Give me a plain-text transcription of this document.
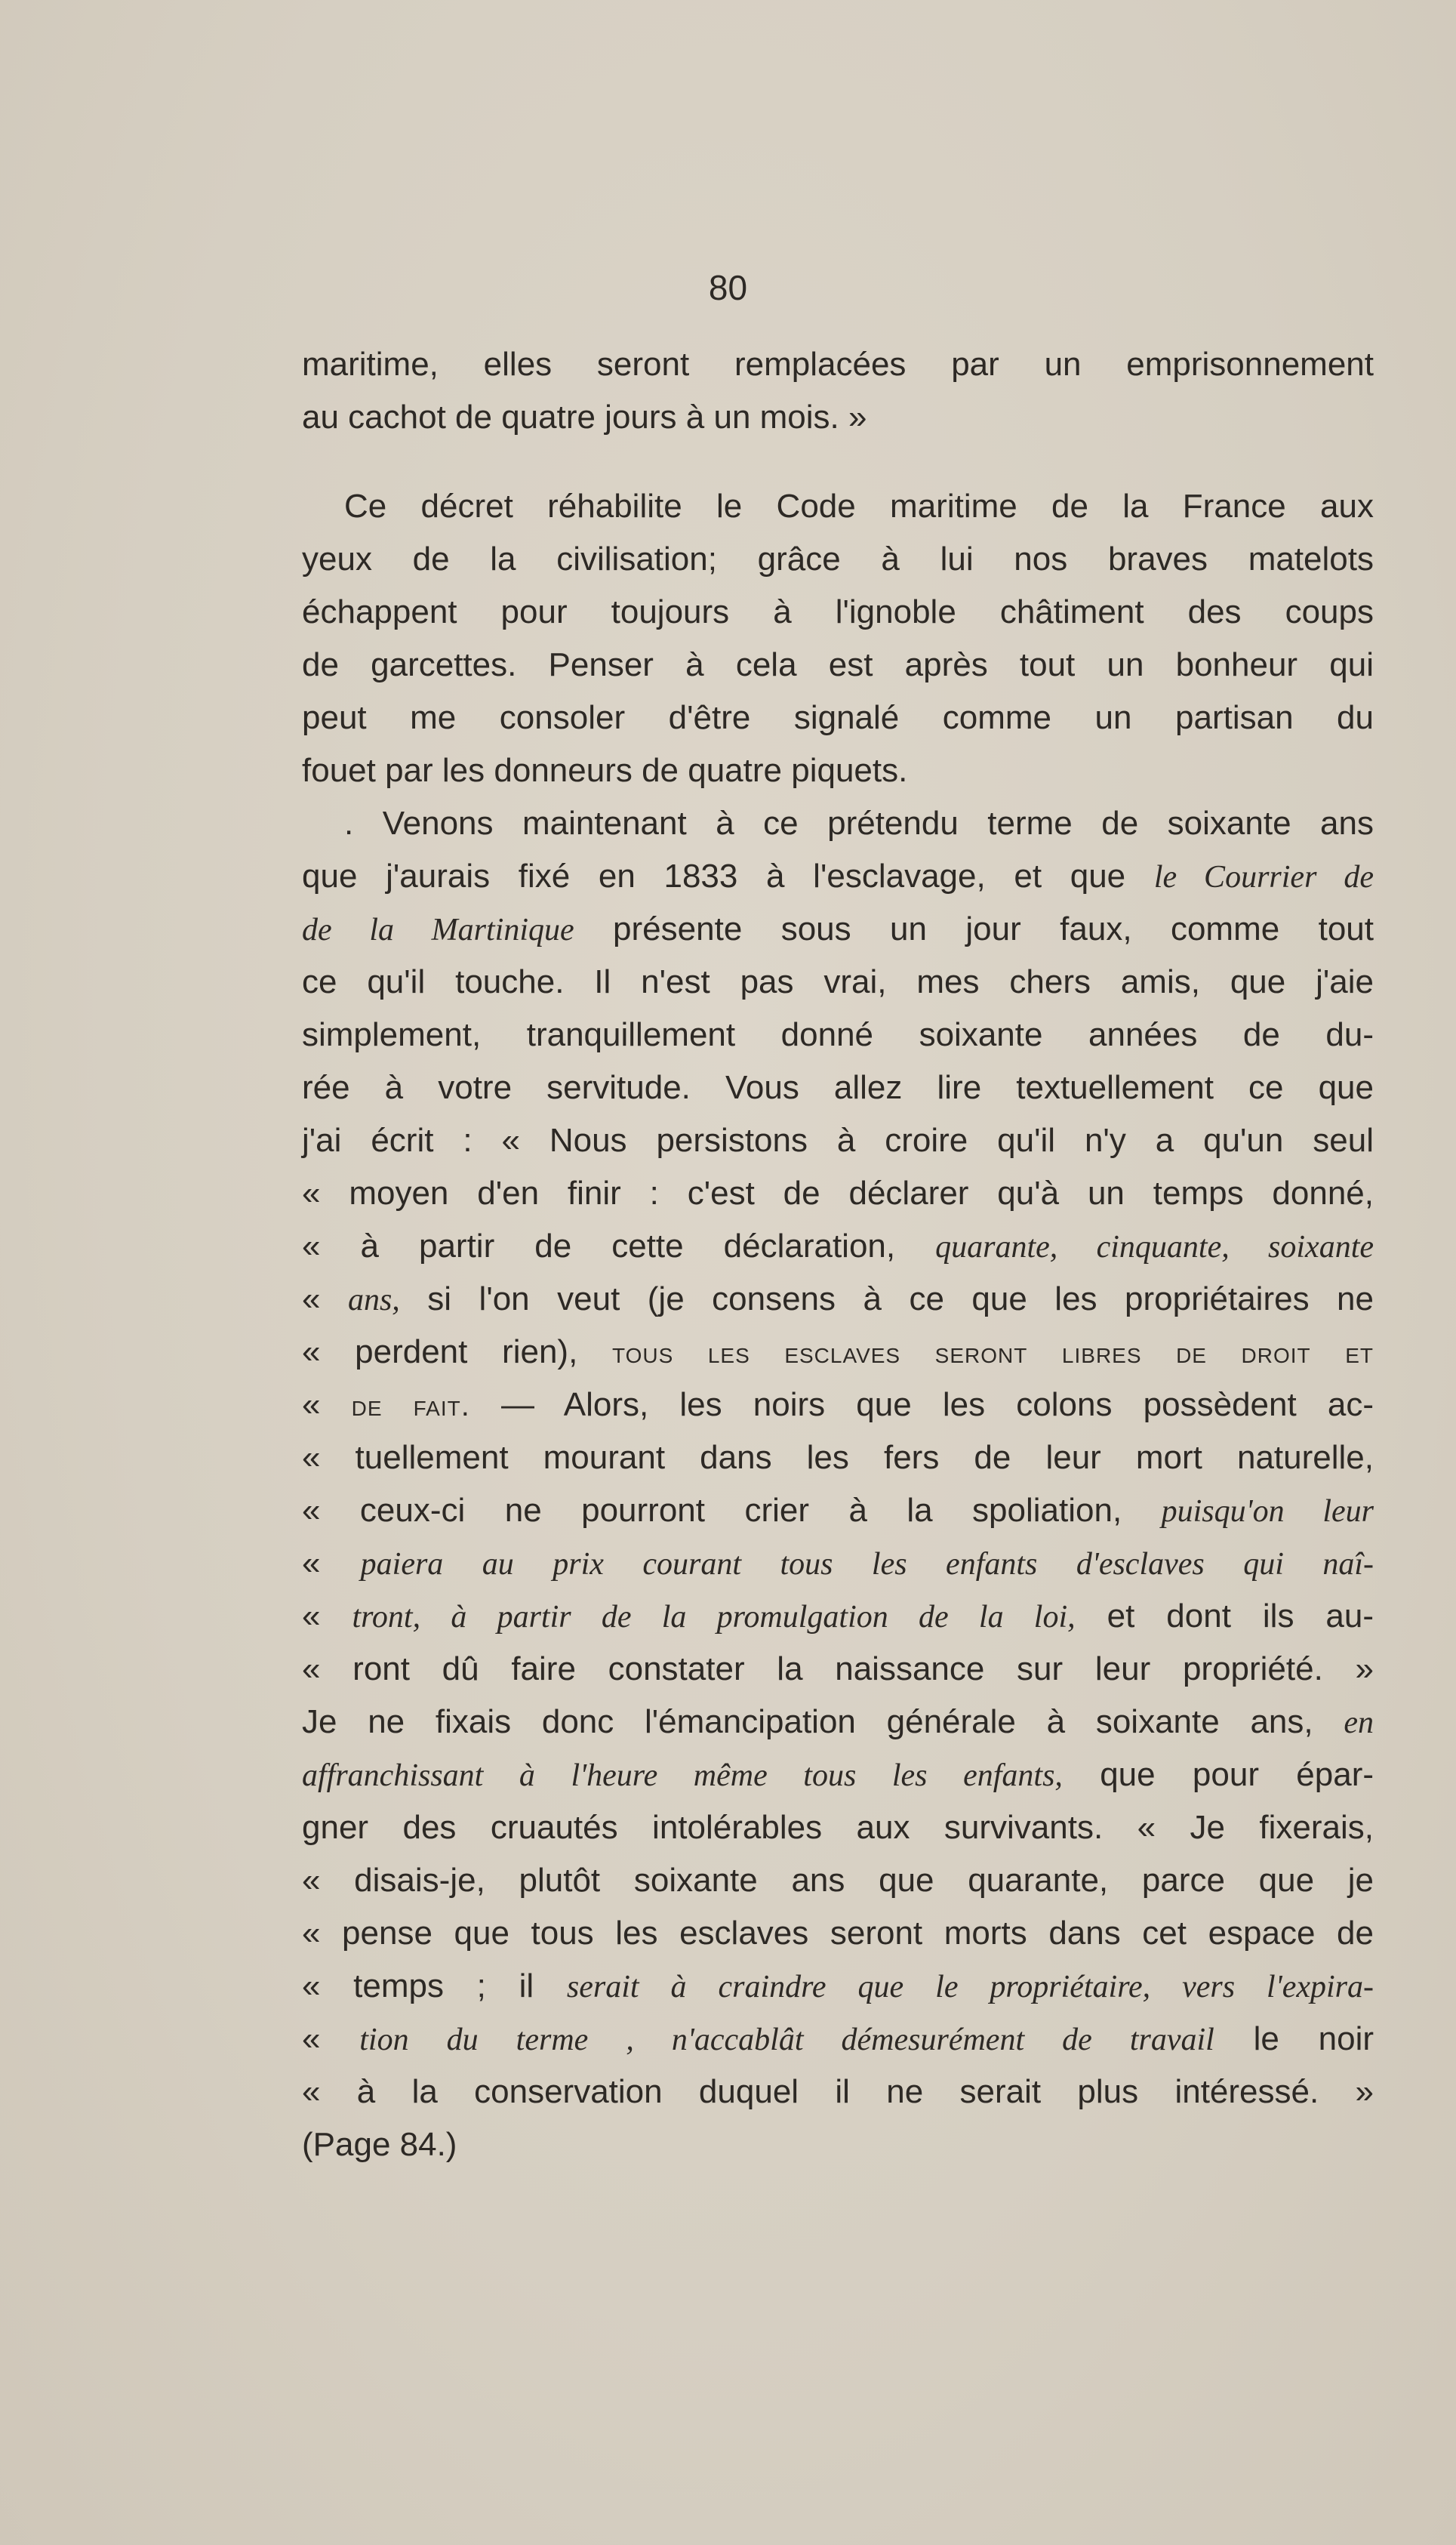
80
maritime, elles seront remplacées par un emprisonnement
au cachot de quatre jours à un mois. »
Ce décret réhabilite le Code maritime de la France aux
yeux de la civilisation; grâce à lui nos braves matelots
échappent pour toujours à l'ignoble châtiment des coups
de garcettes. Penser à cela est après tout un bonheur qui
peut me consoler d'être signalé comme un partisan du
fouet par les donneurs de quatre piquets.
. Venons maintenant à ce prétendu terme de soixante ans
que j'aurais fixé en 1833 à l'esclavage, et que le Courrier de
de la Martinique présente sous un jour faux, comme tout
ce qu'il touche. Il n'est pas vrai, mes chers amis, que j'aie
simplement, tranquillement donné soixante années de du-
rée à votre servitude. Vous allez lire textuellement ce que
j'ai écrit : « Nous persistons à croire qu'il n'y a qu'un seul
« moyen d'en finir : c'est de déclarer qu'à un temps donné,
« à partir de cette déclaration, quarante, cinquante, soixante
« ans, si l'on veut (je consens à ce que les propriétaires ne
« perdent rien), tous les esclaves seront libres de droit et
« de fait. — Alors, les noirs que les colons possèdent ac-
« tuellement mourant dans les fers de leur mort naturelle,
« ceux-ci ne pourront crier à la spoliation, puisqu'on leur
« paiera au prix courant tous les enfants d'esclaves qui naî-
« tront, à partir de la promulgation de la loi, et dont ils au-
« ront dû faire constater la naissance sur leur propriété. »
Je ne fixais donc l'émancipation générale à soixante ans, en
affranchissant à l'heure même tous les enfants, que pour épar-
gner des cruautés intolérables aux survivants. « Je fixerais,
« disais-je, plutôt soixante ans que quarante, parce que je
« pense que tous les esclaves seront morts dans cet espace de
« temps ; il serait à craindre que le propriétaire, vers l'expira-
« tion du terme , n'accablât démesurément de travail le noir
« à la conservation duquel il ne serait plus intéressé. »
(Page 84.)
